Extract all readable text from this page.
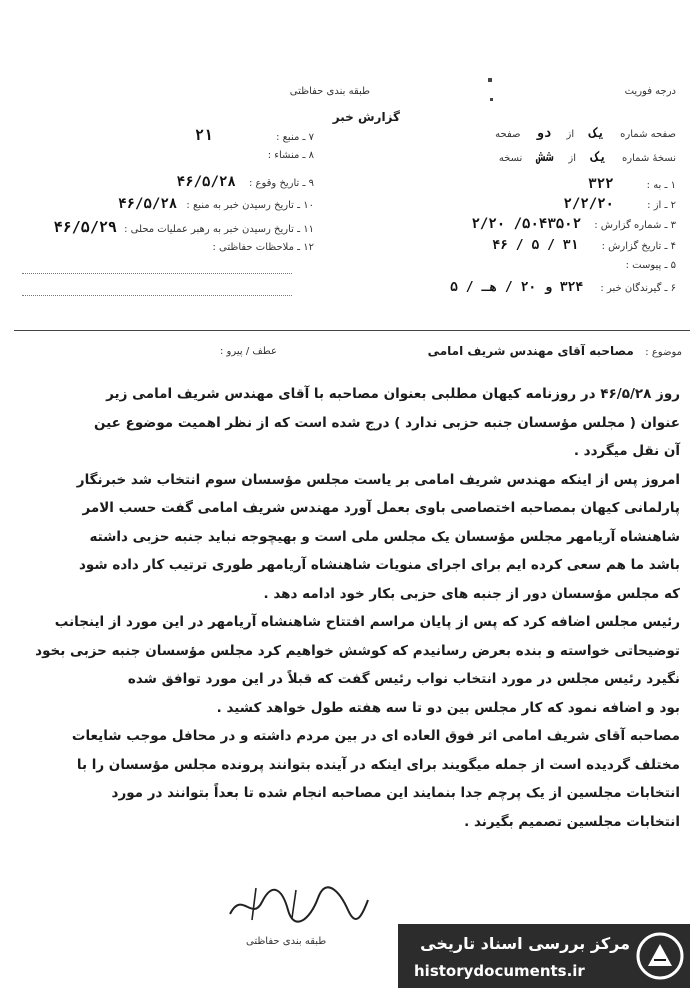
درجه فوریت
طبقه بندی حفاظتی
گزارش خبر
صفحه شماره یک از دو صفحه
نسخهٔ شماره یک از شش نسخه
۱ ـ به : ۳۲۲
۲ ـ از : ۲/۲/۲۰
۳ ـ شماره گزارش : ۵۰۴۳۵۰۲/ ۲/۲۰
۴ ـ تاریخ گزارش : ۳۱ / ۵ / ۴۶
۵ ـ پیوست :
۶ ـ گیرندگان خبر : ۳۲۴ و ۲۰ / هـ / ۵
۷ ـ منبع : ۲۱
۸ ـ منشاء :
۹ ـ تاریخ وقوع : ۴۶/۵/۲۸
۱۰ ـ تاریخ رسیدن خبر به منبع : ۴۶/۵/۲۸
۱۱ ـ تاریخ رسیدن خبر به رهبر عملیات محلی : ۴۶/۵/۲۹
۱۲ ـ ملاحظات حفاظتی :
موضوع : مصاحبه آقای مهندس شریف امامی
عطف / پیرو :
روز ۴۶/۵/۲۸ در روزنامه کیهان مطلبی بعنوان مصاحبه با آقای مهندس شریف امامی زیر
عنوان ( مجلس مؤسسان جنبه حزبی ندارد ) درج شده است که از نظر اهمیت موضوع عین
آن نقل میگردد .
امروز پس از اینکه مهندس شریف امامی بر یاست مجلس مؤسسان سوم انتخاب شد خبرنگار
پارلمانی کیهان بمصاحبه اختصاصی باوی بعمل آورد مهندس شریف امامی گفت حسب الامر
شاهنشاه آریامهر مجلس مؤسسان یک مجلس ملی است و بهیچوجه نباید جنبه حزبی داشته
باشد ما هم سعی کرده ایم برای اجرای منویات شاهنشاه آریامهر طوری ترتیب کار داده شود
که مجلس مؤسسان دور از جنبه های حزبی بکار خود ادامه دهد .
رئیس مجلس اضافه کرد که پس از پایان مراسم افتتاح شاهنشاه آریامهر در این مورد از اینجانب
توضیحاتی خواسته و بنده بعرض رسانیدم که کوشش خواهیم کرد مجلس مؤسسان جنبه حزبی بخود
نگیرد رئیس مجلس در مورد انتخاب نواب رئیس گفت که قبلاً در این مورد توافق شده
بود و اضافه نمود که کار مجلس بین دو تا سه هفته طول خواهد کشید .
مصاحبه آقای شریف امامی اثر فوق العاده ای در بین مردم داشته و در محافل موجب شایعات
مختلف گردیده است از جمله میگویند برای اینکه در آینده بتوانند پرونده مجلس مؤسسان را با
انتخابات مجلسین از یک پرچم جدا بنمایند این مصاحبه انجام شده تا بعداً بتوانند در مورد
انتخابات مجلسین تصمیم بگیرند .
طبقه بندی حفاظتی	مرکز بررسی اسناد تاریخی
historydocuments.ir
